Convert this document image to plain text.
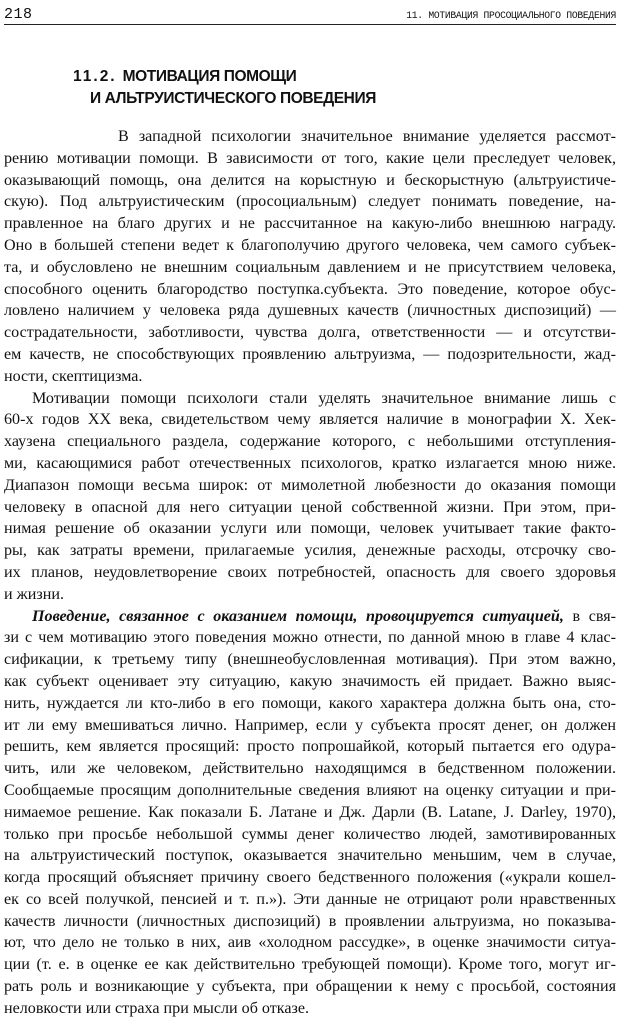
218	11. МОТИВАЦИЯ ПРОСОЦИАЛЬНОГО ПОВЕДЕНИЯ
11.2. МОТИВАЦИЯ ПОМОЩИ
И АЛЬТРУИСТИЧЕСКОГО ПОВЕДЕНИЯ
В западной психологии значительное внимание уделяется рассмот-
рению мотивации помощи. В зависимости от того, какие цели преследует человек,
оказывающий помощь, она делится на корыстную и бескорыстную (альтруистиче-
скую). Под альтруистическим (просоциальным) следует понимать поведение, на-
правленное на благо других и не рассчитанное на какую-либо внешнюю награду.
Оно в большей степени ведет к благополучию другого человека, чем самого субъек-
та, и обусловлено не внешним социальным давлением и не присутствием человека,
способного оценить благородство поступка.субъекта. Это поведение, которое обус-
ловлено наличием у человека ряда душевных качеств (личностных диспозиций) —
сострадательности, заботливости, чувства долга, ответственности — и отсутстви-
ем качеств, не способствующих проявлению альтруизма, — подозрительности, жад-
ности, скептицизма.
Мотивации помощи психологи стали уделять значительное внимание лишь с
60-х годов XX века, свидетельством чему является наличие в монографии X. Хек-
хаузена специального раздела, содержание которого, с небольшими отступления-
ми, касающимися работ отечественных психологов, кратко излагается мною ниже.
Диапазон помощи весьма широк: от мимолетной любезности до оказания помощи
человеку в опасной для него ситуации ценой собственной жизни. При этом, при-
нимая решение об оказании услуги или помощи, человек учитывает такие факто-
ры, как затраты времени, прилагаемые усилия, денежные расходы, отсрочку сво-
их планов, неудовлетворение своих потребностей, опасность для своего здоровья
и жизни.
Поведение, связанное с оказанием помощи, провоцируется ситуацией, в свя-
зи с чем мотивацию этого поведения можно отнести, по данной мною в главе 4 клас-
сификации, к третьему типу (внешнеобусловленная мотивация). При этом важно,
как субъект оценивает эту ситуацию, какую значимость ей придает. Важно выяс-
нить, нуждается ли кто-либо в его помощи, какого характера должна быть она, сто-
ит ли ему вмешиваться лично. Например, если у субъекта просят денег, он должен
решить, кем является просящий: просто попрошайкой, который пытается его одура-
чить, или же человеком, действительно находящимся в бедственном положении.
Сообщаемые просящим дополнительные сведения влияют на оценку ситуации и при-
нимаемое решение. Как показали Б. Латане и Дж. Дарли (В. Latane, J. Darley, 1970),
только при просьбе небольшой суммы денег количество людей, замотивированных
на альтруистический поступок, оказывается значительно меньшим, чем в случае,
когда просящий объясняет причину своего бедственного положения («украли кошел-
ек со всей получкой, пенсией и т. п.»). Эти данные не отрицают роли нравственных
качеств личности (личностных диспозиций) в проявлении альтруизма, но показыва-
ют, что дело не только в них, аив «холодном рассудке», в оценке значимости ситуа-
ции (т. е. в оценке ее как действительно требующей помощи). Кроме того, могут иг-
рать роль и возникающие у субъекта, при обращении к нему с просьбой, состояния
неловкости или страха при мысли об отказе.
